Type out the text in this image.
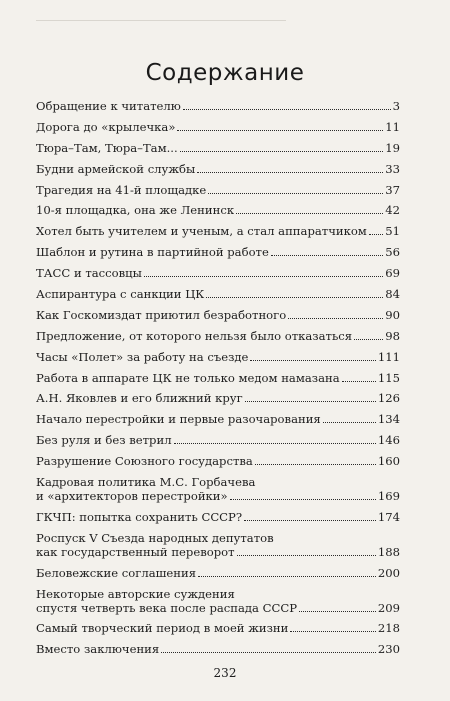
Содержание
Обращение к читателю	3
Дорога до «крылечка»	11
Тюра–Там, Тюра–Там...	19
Будни армейской службы	33
Трагедия на 41-й площадке	37
10-я площадка, она же Ленинск	42
Хотел быть учителем и ученым, а стал аппаратчиком 51
Шаблон и рутина в партийной работе	56
ТАСС и тассовцы	69
Аспирантура с санкции ЦК	84
Как Госкомиздат приютил безработного	90
Предложение, от которого нельзя было отказаться	98
Часы «Полет» за работу на съезде	111
Работа в аппарате ЦК не только медом намазана	115
А.Н. Яковлев и его ближний круг	126
Начало перестройки и первые разочарования	134
Без руля и без ветрил	146
Разрушение Союзного государства	160
Кадровая политика М.С. Горбачева
и «архитекторов перестройки»	169
ГКЧП: попытка сохранить СССР?	174
Роспуск V Съезда народных депутатов
как государственный переворот	188
Беловежские соглашения	200
Некоторые авторские суждения
спустя четверть века после распада СССР	209
Самый творческий период в моей жизни	218
Вместо заключения	230
232
